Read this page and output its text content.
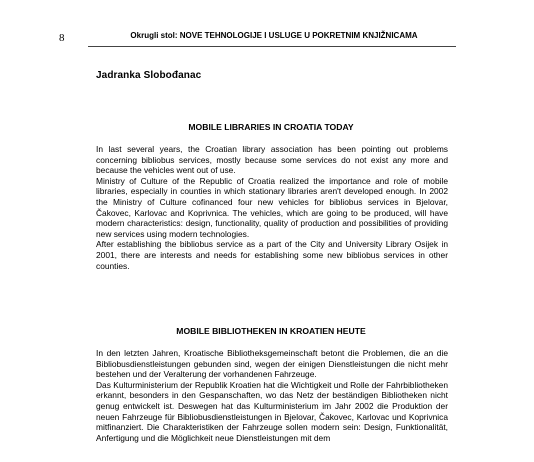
8	Okrugli stol: NOVE TEHNOLOGIJE I USLUGE U POKRETNIM KNJIŽNICAMA
Jadranka Slobođanac
MOBILE LIBRARIES IN CROATIA TODAY

In last several years, the Croatian library association has been pointing out problems concerning bibliobus services, mostly because some services do not exist any more and because the vehicles went out of use.

Ministry of Culture of the Republic of Croatia realized the importance and role of mobile libraries, especially in counties in which stationary libraries aren't developed enough. In 2002 the Ministry of Culture cofinanced four new vehicles for bibliobus services in Bjelovar, Čakovec, Karlovac and Koprivnica. The vehicles, which are going to be produced, will have modern characteristics: design, functionality, quality of production and possibilities of providing new services using modern technologies.

After establishing the bibliobus service as a part of the City and University Library Osijek in 2001, there are interests and needs for establishing some new bibliobus services in other counties.

MOBILE BIBLIOTHEKEN IN KROATIEN HEUTE

In den letzten Jahren, Kroatische Bibliotheksgemeinschaft betont die Problemen, die an die Bibliobusdienstleistungen gebunden sind, wegen der einigen Dienstleistungen die nicht mehr bestehen und der Veralterung der vorhandenen Fahrzeuge.

Das Kulturministerium der Republik Kroatien hat die Wichtigkeit und Rolle der Fahrbibliotheken erkannt, besonders in den Gespanschaften, wo das Netz der beständigen Bibliotheken nicht genug entwickelt ist. Deswegen hat das Kulturministerium im Jahr 2002 die Produktion der neuen Fahrzeuge für Bibliobusdienstleistungen in Bjelovar, Čakovec, Karlovac und Koprivnica mitfinanziert. Die Charakteristiken der Fahrzeuge sollen modern sein: Design, Funktionalität, Anfertigung und die Möglichkeit neue Dienstleistungen mit dem
